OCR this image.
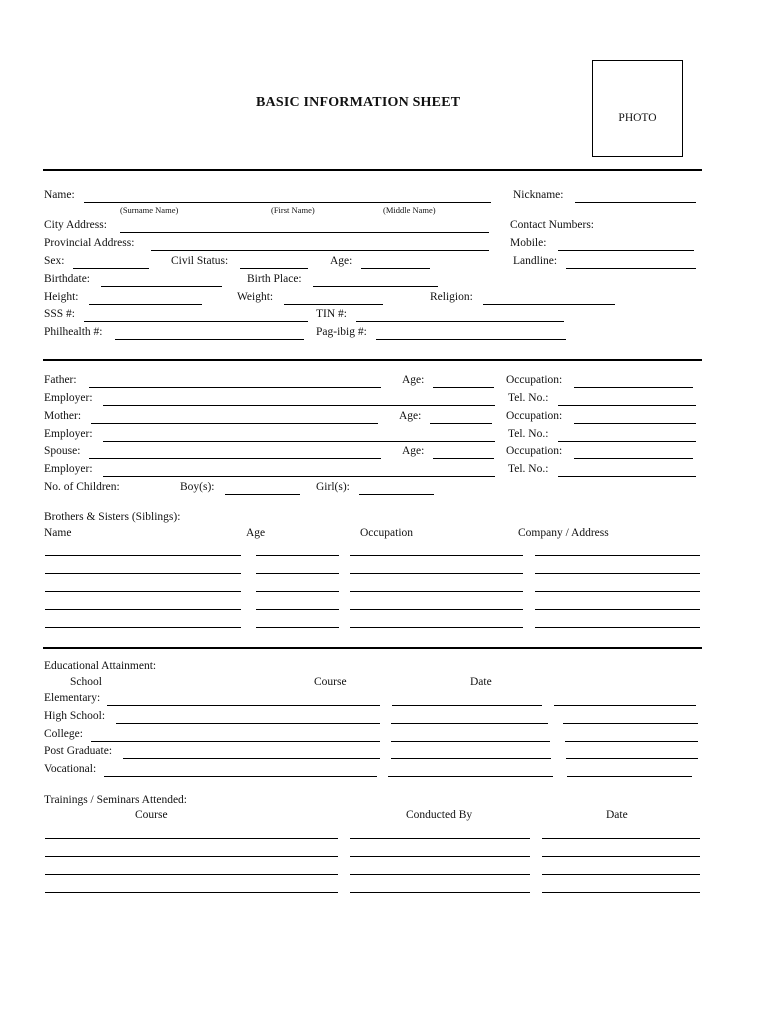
BASIC INFORMATION SHEET
PHOTO
Name:	Nickname:
(Surname Name)	(First Name)	(Middle Name)
City Address:	Contact Numbers:
Provincial Address:	Mobile:
Sex:	Civil Status:	Age:	Landline:
Birthdate:	Birth Place:
Height:	Weight:	Religion:
SSS #:	TIN #:
Philhealth #:	Pag-ibig #:
Father:	Age:	Occupation:
Employer:	Tel. No.:
Mother:	Age:	Occupation:
Employer:	Tel. No.:
Spouse:	Age:	Occupation:
Employer:	Tel. No.:
No. of Children:	Boy(s):	Girl(s):
Brothers & Sisters (Siblings):
Name	Age	Occupation	Company / Address
Educational Attainment:
School	Course	Date
Elementary:
High School:
College:
Post Graduate:
Vocational:
Trainings / Seminars Attended:
Course	Conducted By	Date
